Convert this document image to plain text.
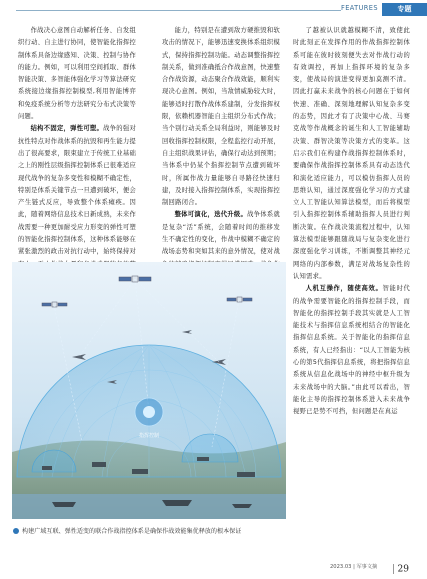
FEATURES	专题

作战决心意图自动解析任务、自发组织行动、自主进行协同，使智能化指挥控制体系具备边缘感知、决策、控制与协作的能力。例如，可以利用空间抓取、群体智能决策、多智能体强化学习等算法研究系统接边缘指挥控制模型,利用智能博弈和免疫系统分析等方法研究分布式决策等问题。

结构不固定，弹性可塑。战争的强对抗性特点对作战体系的抗毁和再生能力提出了很高要求，限束建立于传统工业基础之上的刚性层级指挥控制体系已很难适应现代战争的复杂多变性和模糊不确定性，特别是体系关键节点一旦遭到破坏，便会产生链式反应，导致整个体系瘫痪。因此，随着网络信息技术日新成熟，未来作战需要一种更加耐受应力形变的弹性可塑的智能化指挥控制体系，这种体系能够在紧张激烈的政击对抗行动中，始终保持对

能力，特别是在遭到敌方硬推毁和软攻击的情况下，能够迅速变换体系组织模式，保持指挥控制功能。动态调整指挥控制关系，做到准确抵合作战意图，快速整合作战资源，动态聚合作战效能，顺利实现决心意图。例如，当敌情威胁较大时，能够适时打散作战体系建制，分发指挥权限，依赖机器智能自主组织分布式作战；当个别行动关系全局利益时，则能够及时回收指挥控制权限，全程监控行动开展，自主组织战果评估，确保行动达到预期；当体系中仍某个指挥控制节点遭到破坏时，所属作战力量能够自寻路径快速归建，及时接入指挥控制体系，实现指挥控制回路闭合。

整体可演化，迭代升级。战争体系就是复杂“活”系统，会随着时间的推移发生不确定性的变化，作战中模糊不确定的战场态势和突如其来的意外情况，使对战

了越被认识就越模糊不清，致使此时此刻正在发挥作用的作战指挥控制体系可能在彼时彼刻便失去对作战行动的有效调控，再加上指挥环境的复杂多变，使战局的演进变得更加莫测不清。因此打赢未来战争的核心问题在于如何快速、准确、深刻地理解认知复杂多变的态势，因此才有了决策中心战、马赛克战等作战概念的诞生和人工智能辅助决策、群智决策等决策方式的变革。这启示我们在构建作战指挥控制体系时，要确保作战指挥控制体系具有动态迭代和演化适应能力，可以模仿指挥人员的思维认知，通过深度强化学习的方式建立人工智能认知算法模型，而后将模型引入指挥控制体系辅助指挥人员进行判断决策。在作战决策流程过程中，认知算法模型能够跟随战局与复杂变化进行深度强化学习训练，不断调整其神经元网络的内部参数，满足对战场复杂性的认知需求。

人机互操作，随使高效。智能时代的战争需要智能化的指挥控制手段，而智能化的指挥控制手段其实就是人工智能技术与指挥信息系统相结合的智能化指挥信息系统。关于智能化的指挥信息系统，有人已经指出：“以人工智能为核心的第5代指挥信息系统，将把指挥信息系统从信息化战场中的神经中枢升级为未来战场中的大脑。”由此可以看出，智能化主导的指挥控制体系进入未来战争视野已是势不可挡，但问题是在真运

指挥控制
构建广域互联、弹性适变的联合作战指控体系是确保作战效能集优释放的根本保证
2023.03 | 军事文摘	29
